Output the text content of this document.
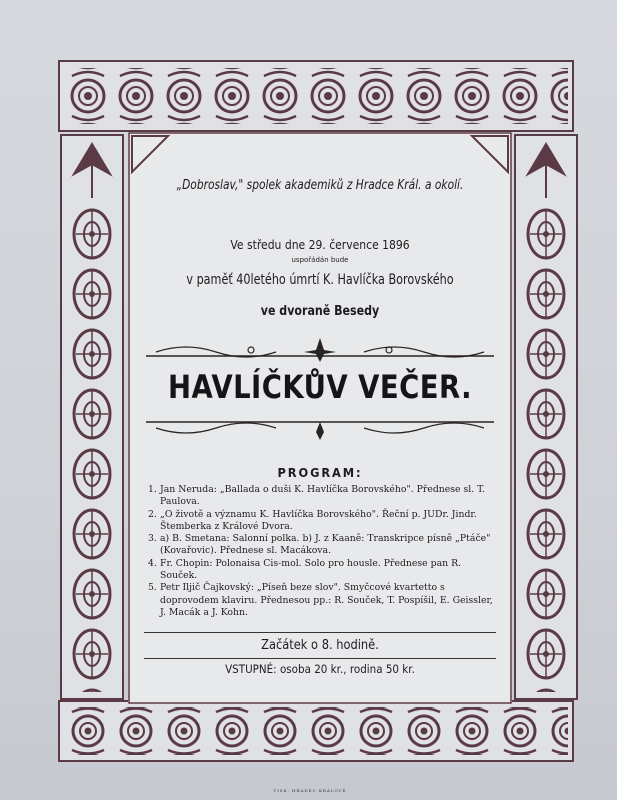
„Dobroslav," spolek akademiků z Hradce Král. a okolí.
Ve středu dne 29. července 1896
uspořádán bude
v paměť 40letého úmrtí K. Havlíčka Borovského
ve dvoraně Besedy
HAVLÍČKŮV VEČER.
PROGRAM:
1. Jan Neruda: „Ballada o duši K. Havlíčka Borovského". Přednese sl. T. Paulova.
2. „O životě a významu K. Havlíčka Borovského". Řeční p. JUDr. Jindr. Štemberka z Králové Dvora.
3. a) B. Smetana: Salonní polka. b) J. z Kaaně: Transkripce písně „Ptáče" (Kovařovic). Přednese sl. Macákova.
4. Fr. Chopin: Polonaisa Cis-mol. Solo pro housle. Přednese pan R. Souček.
5. Petr Iljič Čajkovský: „Píseň beze slov". Smyčcové kvartetto s doprovodem klaviru. Přednesou pp.: R. Souček, T. Pospíšil, E. Geissler, J. Macák a J. Kohn.
Začátek o 8. hodině.
VSTUPNÉ: osoba 20 kr., rodina 50 kr.
TISK. HRADEC KRÁLOVÉ
